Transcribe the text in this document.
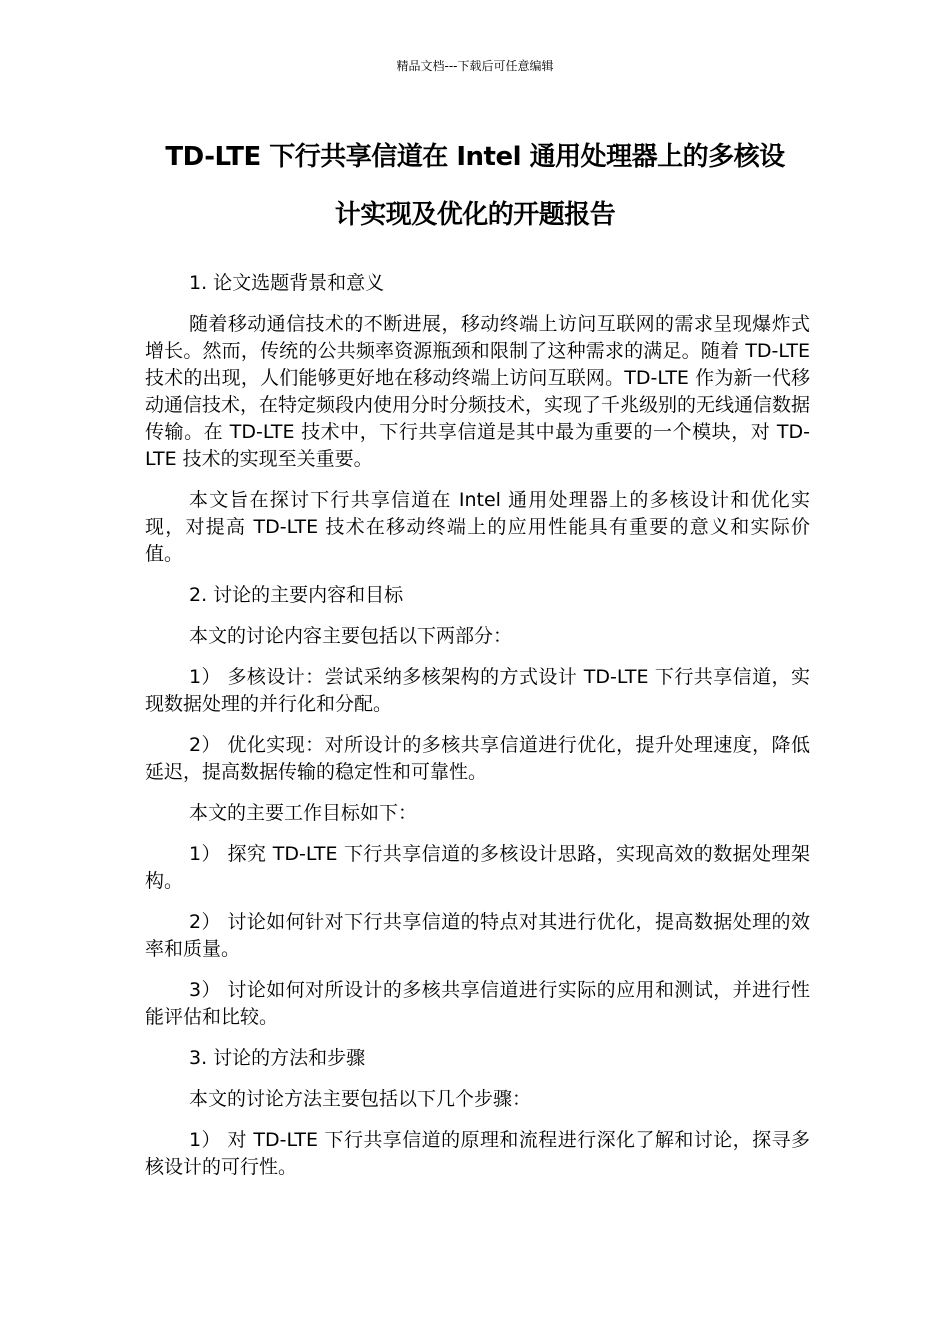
精品文档---下载后可任意编辑
TD-LTE 下行共享信道在 Intel 通用处理器上的多核设
计实现及优化的开题报告

1. 论文选题背景和意义

随着移动通信技术的不断进展，移动终端上访问互联网的需求呈现爆炸式增长。然而，传统的公共频率资源瓶颈和限制了这种需求的满足。随着 TD-LTE 技术的出现，人们能够更好地在移动终端上访问互联网。TD-LTE 作为新一代移动通信技术，在特定频段内使用分时分频技术，实现了千兆级别的无线通信数据传输。在 TD-LTE 技术中，下行共享信道是其中最为重要的一个模块，对 TD-LTE 技术的实现至关重要。

本文旨在探讨下行共享信道在 Intel 通用处理器上的多核设计和优化实现，对提高 TD-LTE 技术在移动终端上的应用性能具有重要的意义和实际价值。

2. 讨论的主要内容和目标

本文的讨论内容主要包括以下两部分：

1） 多核设计：尝试采纳多核架构的方式设计 TD-LTE 下行共享信道，实现数据处理的并行化和分配。

2） 优化实现：对所设计的多核共享信道进行优化，提升处理速度，降低延迟，提高数据传输的稳定性和可靠性。

本文的主要工作目标如下：

1） 探究 TD-LTE 下行共享信道的多核设计思路，实现高效的数据处理架构。

2） 讨论如何针对下行共享信道的特点对其进行优化，提高数据处理的效率和质量。

3） 讨论如何对所设计的多核共享信道进行实际的应用和测试，并进行性能评估和比较。

3. 讨论的方法和步骤

本文的讨论方法主要包括以下几个步骤：

1） 对 TD-LTE 下行共享信道的原理和流程进行深化了解和讨论，探寻多核设计的可行性。
